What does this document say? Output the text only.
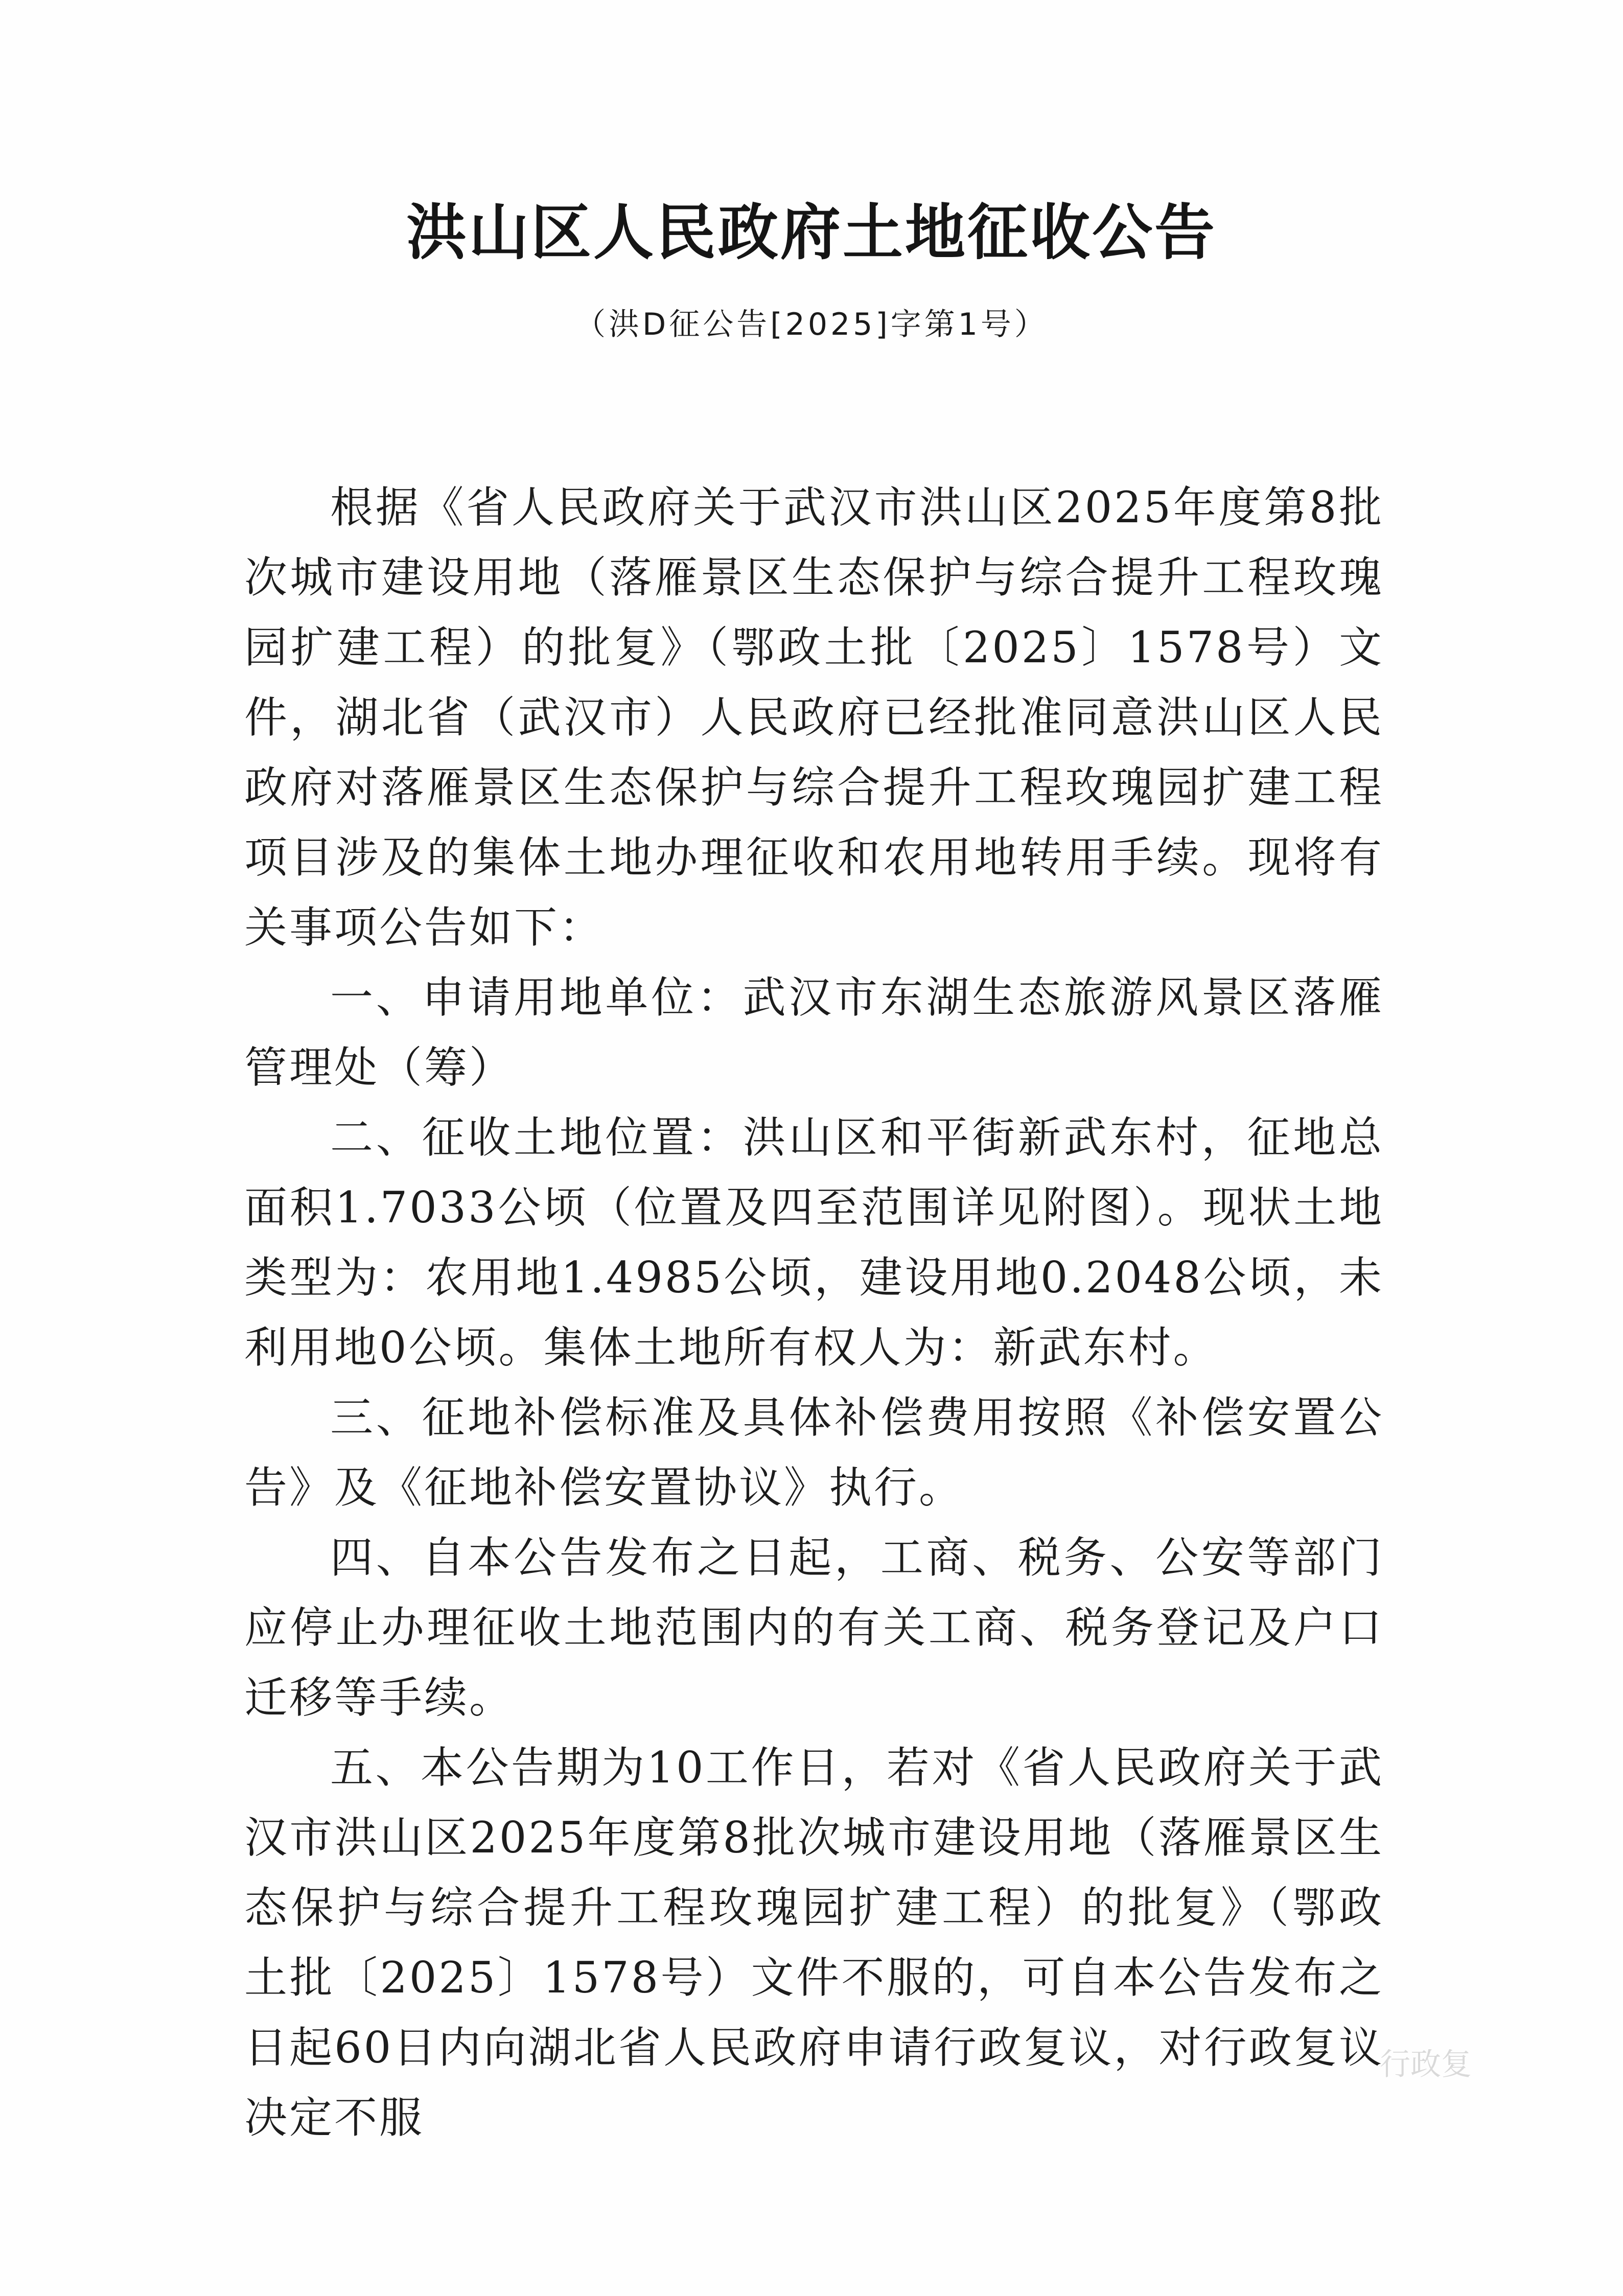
洪山区人民政府土地征收公告
（洪D征公告[2025]字第1号）

根据《省人民政府关于武汉市洪山区2025年度第8批次城市建设用地（落雁景区生态保护与综合提升工程玫瑰园扩建工程）的批复》（鄂政土批〔2025〕1578号）文件，湖北省（武汉市）人民政府已经批准同意洪山区人民政府对落雁景区生态保护与综合提升工程玫瑰园扩建工程项目涉及的集体土地办理征收和农用地转用手续。现将有关事项公告如下：

一、申请用地单位：武汉市东湖生态旅游风景区落雁管理处（筹）

二、征收土地位置：洪山区和平街新武东村，征地总面积1.7033公顷（位置及四至范围详见附图）。现状土地类型为：农用地1.4985公顷，建设用地0.2048公顷，未利用地0公顷。集体土地所有权人为：新武东村。

三、征地补偿标准及具体补偿费用按照《补偿安置公告》及《征地补偿安置协议》执行。

四、自本公告发布之日起，工商、税务、公安等部门应停止办理征收土地范围内的有关工商、税务登记及户口迁移等手续。

五、本公告期为10工作日，若对《省人民政府关于武汉市洪山区2025年度第8批次城市建设用地（落雁景区生态保护与综合提升工程玫瑰园扩建工程）的批复》（鄂政土批〔2025〕1578号）文件不服的，可自本公告发布之日起60日内向湖北省人民政府申请行政复议，对行政复议决定不服

行政复
